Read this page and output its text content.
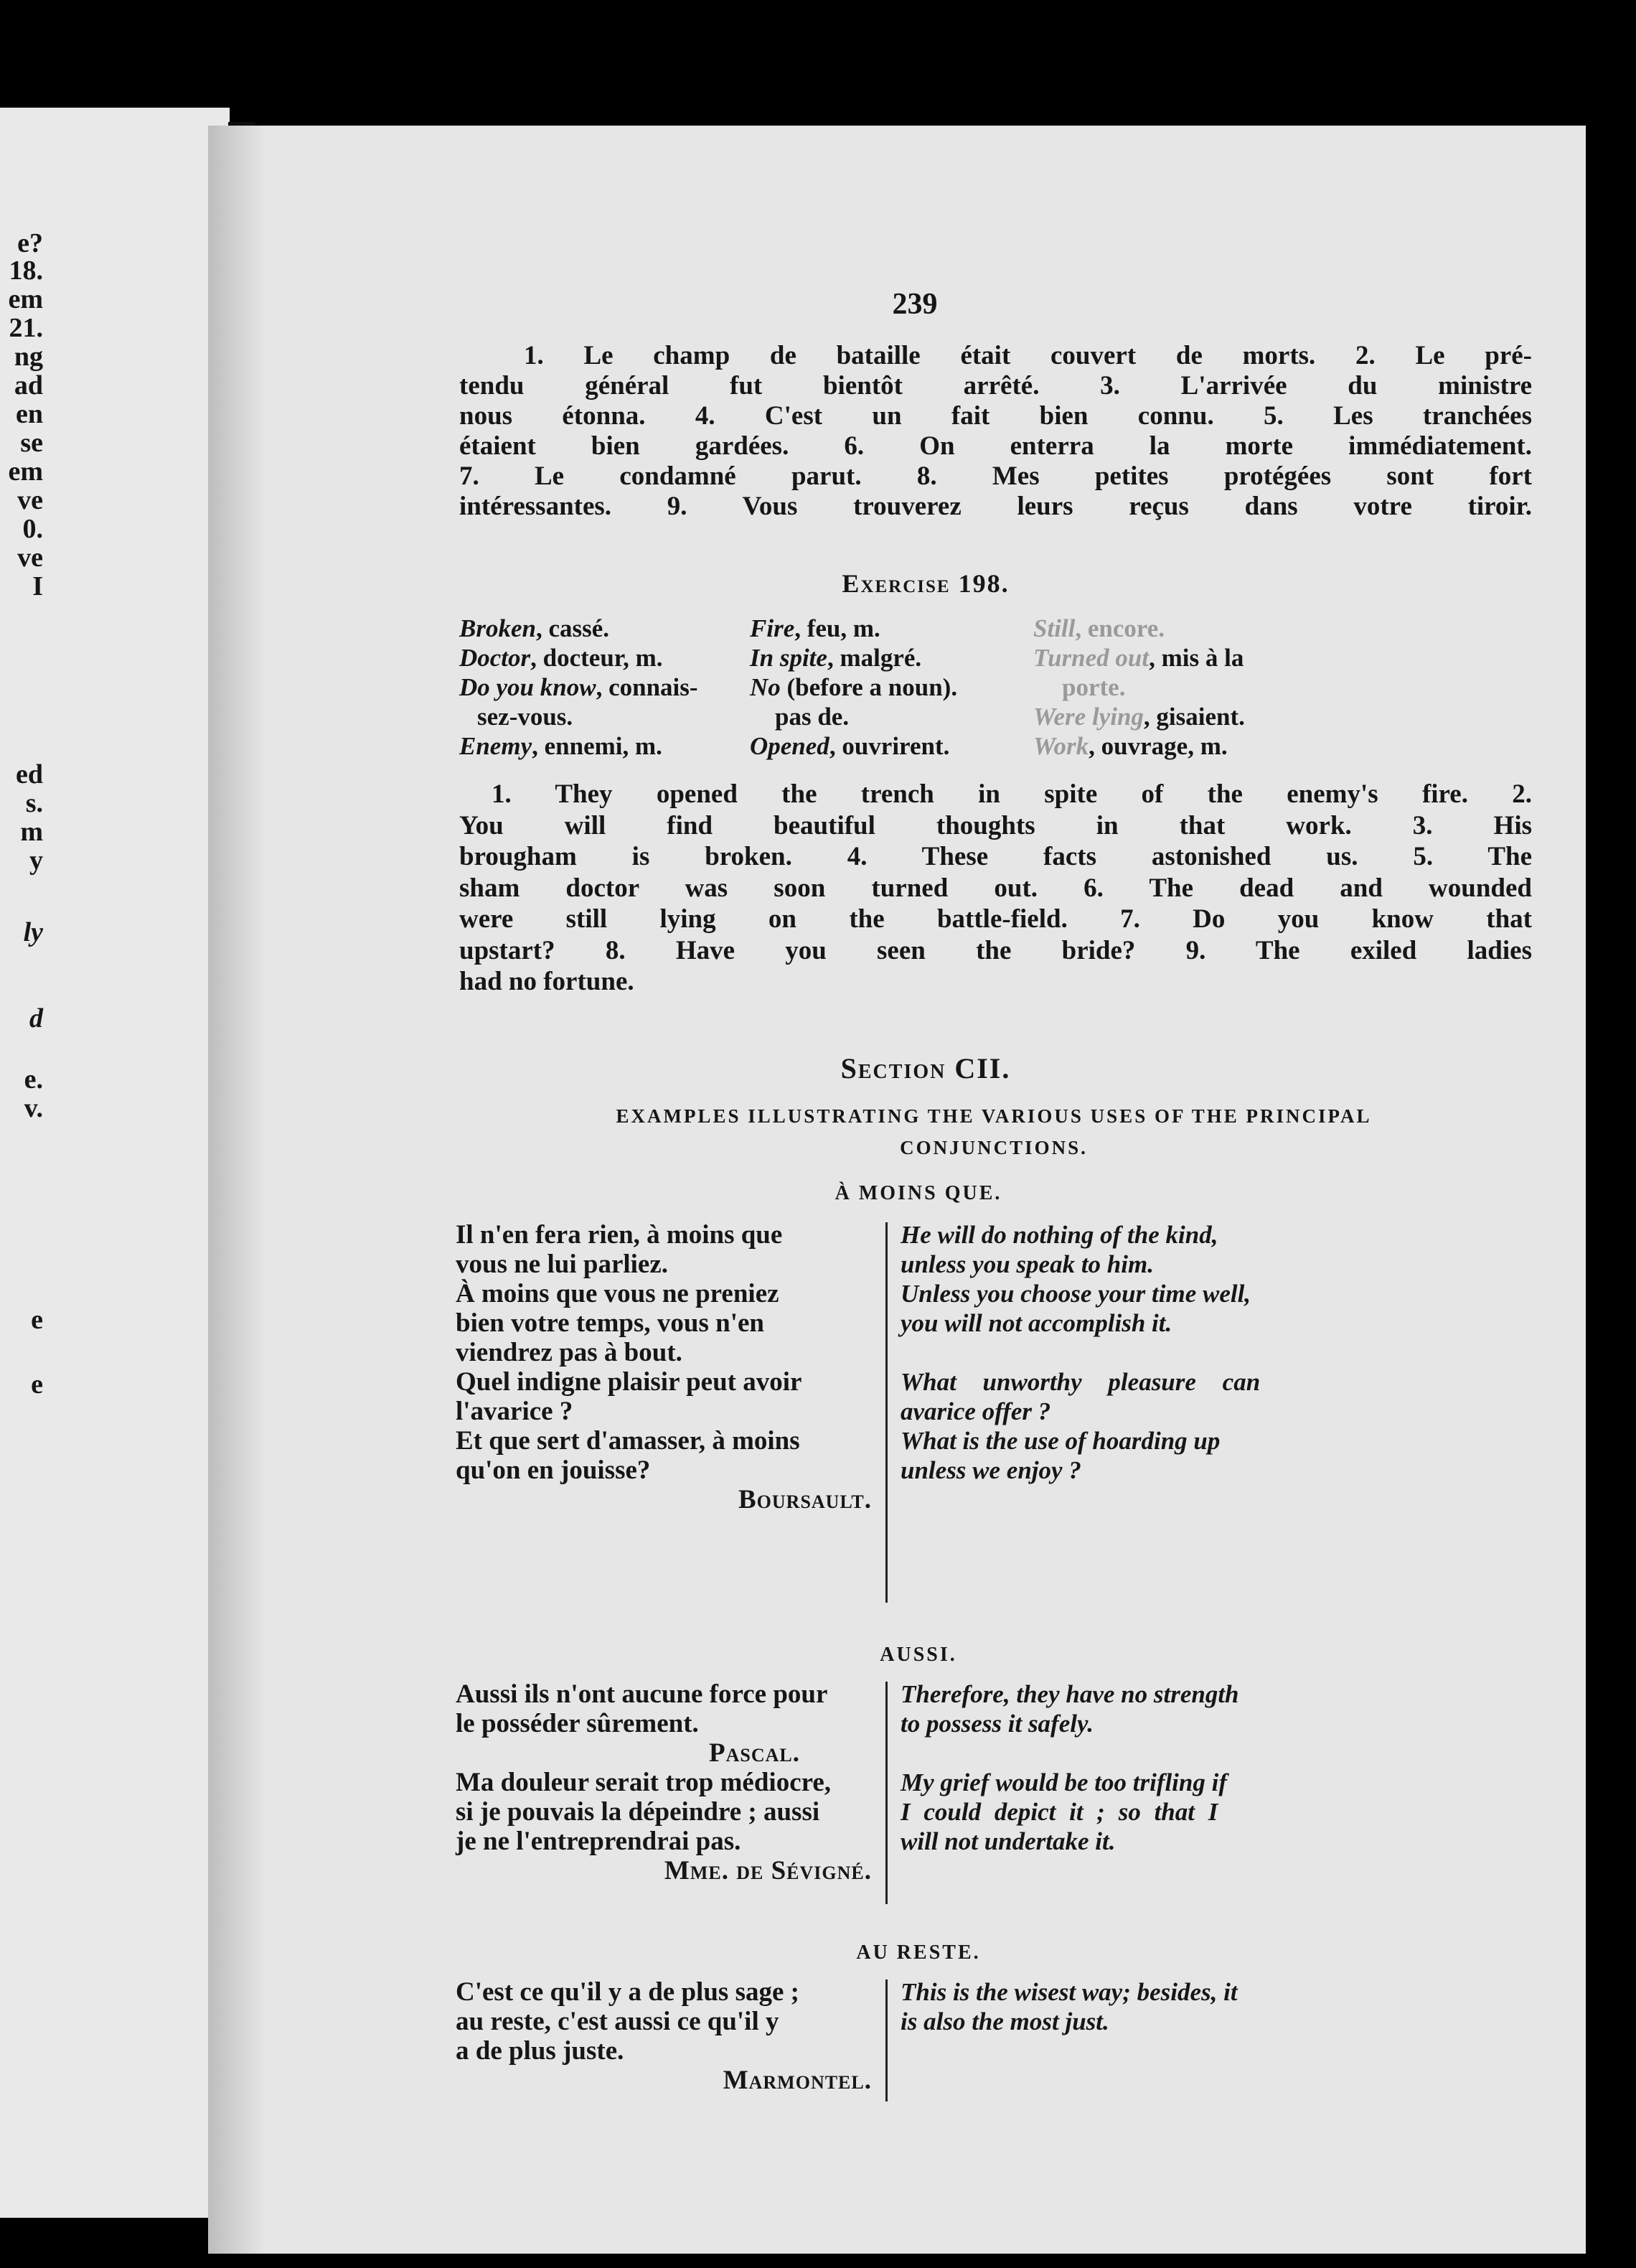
e?
18.
em
21.
ng
ad
en
se
em
ve
0.
ve
I
ed
s.
m
y
ly
d
e.
v.
e
e
239
1. Le champ de bataille était couvert de morts. 2. Le pré-
tendu général fut bientôt arrêté. 3. L'arrivée du ministre
nous étonna. 4. C'est un fait bien connu. 5. Les tranchées
étaient bien gardées. 6. On enterra la morte immédiatement.
7. Le condamné parut. 8. Mes petites protégées sont fort
intéressantes. 9. Vous trouverez leurs reçus dans votre tiroir.
Exercise 198.
Broken, cassé.
Doctor, docteur, m.
Do you know, connais-
sez-vous.
Enemy, ennemi, m.
Fire, feu, m.
In spite, malgré.
No (before a noun).
pas de.
Opened, ouvrirent.
Still, encore.
Turned out, mis à la
porte.
Were lying, gisaient.
Work, ouvrage, m.
1. They opened the trench in spite of the enemy's fire. 2.
You will find beautiful thoughts in that work. 3. His
brougham is broken. 4. These facts astonished us. 5. The
sham doctor was soon turned out. 6. The dead and wounded
were still lying on the battle-field. 7. Do you know that
upstart? 8. Have you seen the bride? 9. The exiled ladies
had no fortune.
Section CII.
EXAMPLES ILLUSTRATING THE VARIOUS USES OF THE PRINCIPAL
CONJUNCTIONS.
À MOINS QUE.
Il n'en fera rien, à moins que
vous ne lui parliez.
À moins que vous ne preniez
bien votre temps, vous n'en
viendrez pas à bout.
Quel indigne plaisir peut avoir
l'avarice ?
Et que sert d'amasser, à moins
qu'on en jouisse?
Boursault.
He will do nothing of the kind,
unless you speak to him.
Unless you choose your time well,
you will not accomplish it.
What unworthy pleasure can
avarice offer ?
What is the use of hoarding up
unless we enjoy ?
AUSSI.
Aussi ils n'ont aucune force pour
le posséder sûrement.
Pascal.
Ma douleur serait trop médiocre,
si je pouvais la dépeindre ; aussi
je ne l'entreprendrai pas.
Mme. de Sévigné.
Therefore, they have no strength
to possess it safely.
My grief would be too trifling if
I could depict it ; so that I
will not undertake it.
AU RESTE.
C'est ce qu'il y a de plus sage ;
au reste, c'est aussi ce qu'il y
a de plus juste.
Marmontel.
This is the wisest way; besides, it
is also the most just.
